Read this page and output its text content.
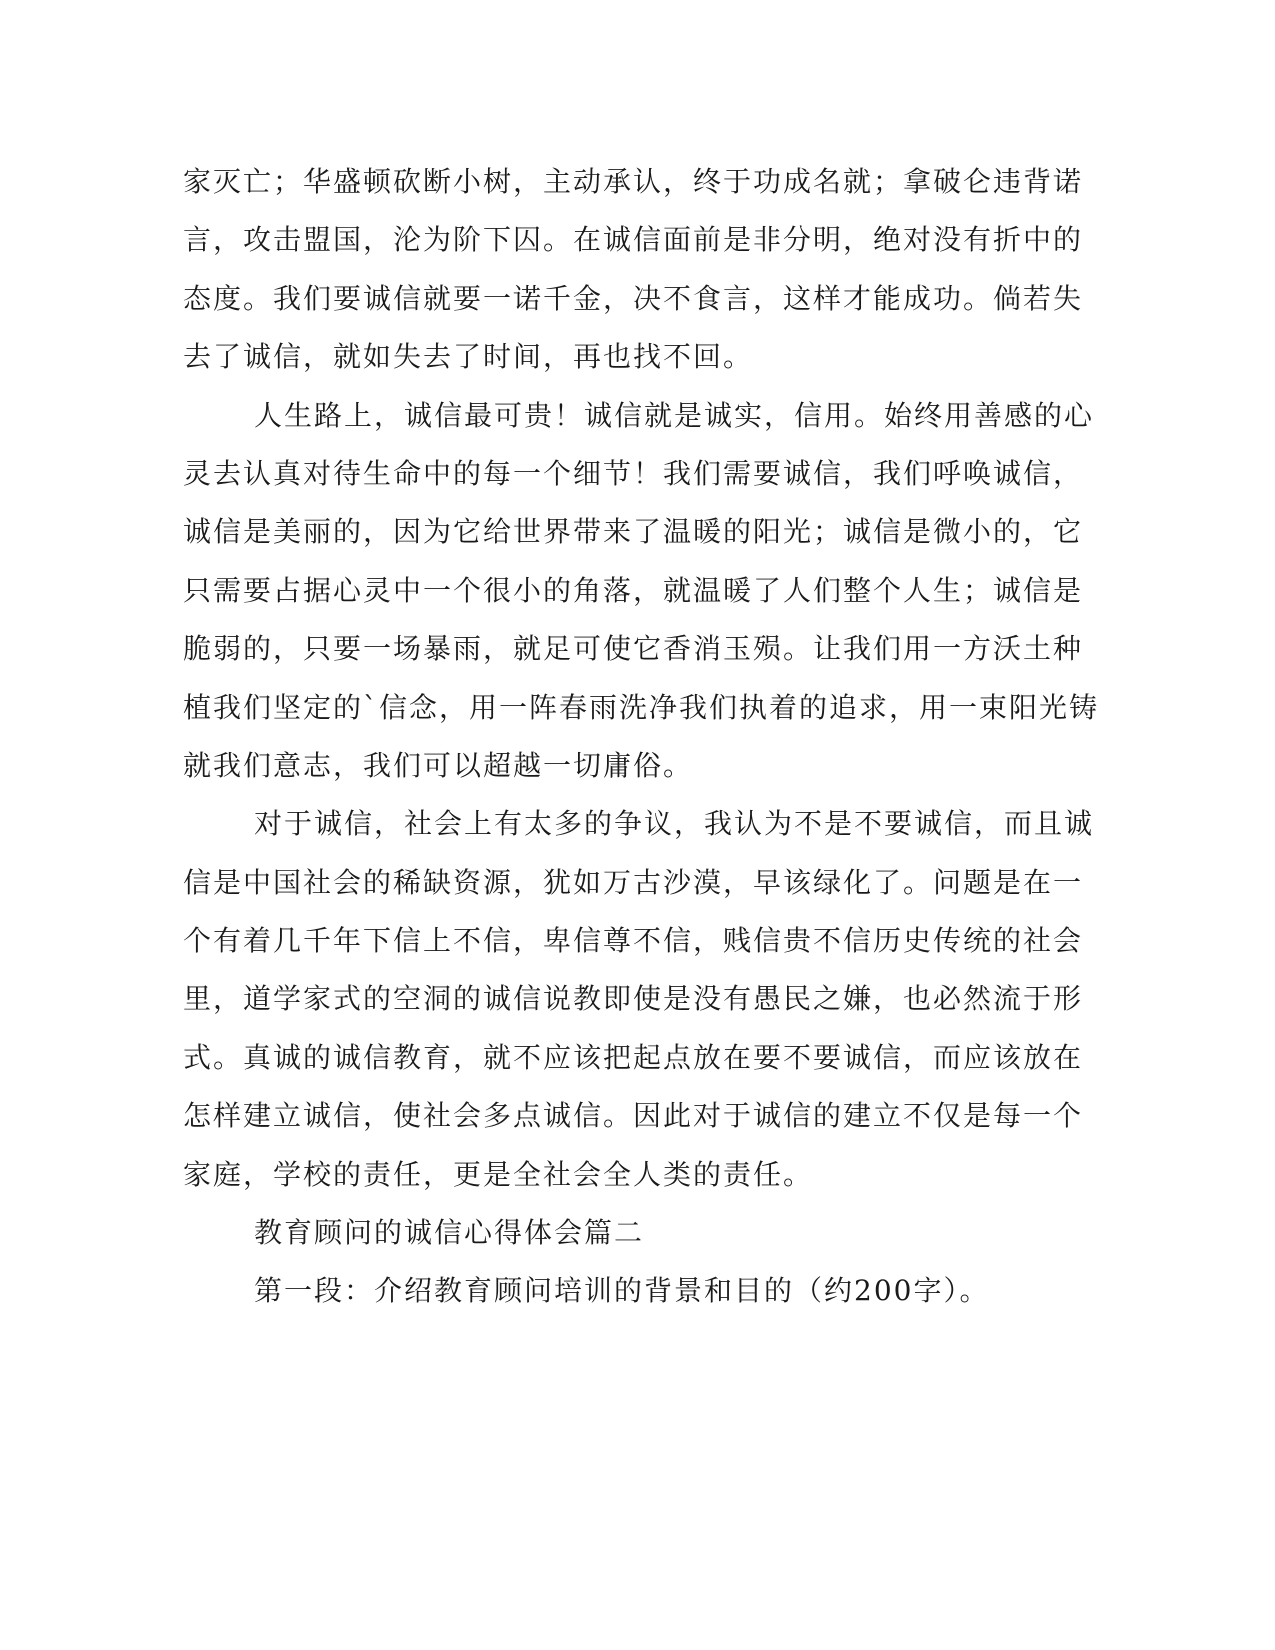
家灭亡；华盛顿砍断小树，主动承认，终于功成名就；拿破仑违背诺
言，攻击盟国，沦为阶下囚。在诚信面前是非分明，绝对没有折中的
态度。我们要诚信就要一诺千金，决不食言，这样才能成功。倘若失
去了诚信，就如失去了时间，再也找不回。
人生路上，诚信最可贵！诚信就是诚实，信用。始终用善感的心
灵去认真对待生命中的每一个细节！我们需要诚信，我们呼唤诚信，
诚信是美丽的，因为它给世界带来了温暖的阳光；诚信是微小的，它
只需要占据心灵中一个很小的角落，就温暖了人们整个人生；诚信是
脆弱的，只要一场暴雨，就足可使它香消玉殒。让我们用一方沃土种
植我们坚定的`信念，用一阵春雨洗净我们执着的追求，用一束阳光铸
就我们意志，我们可以超越一切庸俗。
对于诚信，社会上有太多的争议，我认为不是不要诚信，而且诚
信是中国社会的稀缺资源，犹如万古沙漠，早该绿化了。问题是在一
个有着几千年下信上不信，卑信尊不信，贱信贵不信历史传统的社会
里，道学家式的空洞的诚信说教即使是没有愚民之嫌，也必然流于形
式。真诚的诚信教育，就不应该把起点放在要不要诚信，而应该放在
怎样建立诚信，使社会多点诚信。因此对于诚信的建立不仅是每一个
家庭，学校的责任，更是全社会全人类的责任。
教育顾问的诚信心得体会篇二
第一段：介绍教育顾问培训的背景和目的（约200字）。
